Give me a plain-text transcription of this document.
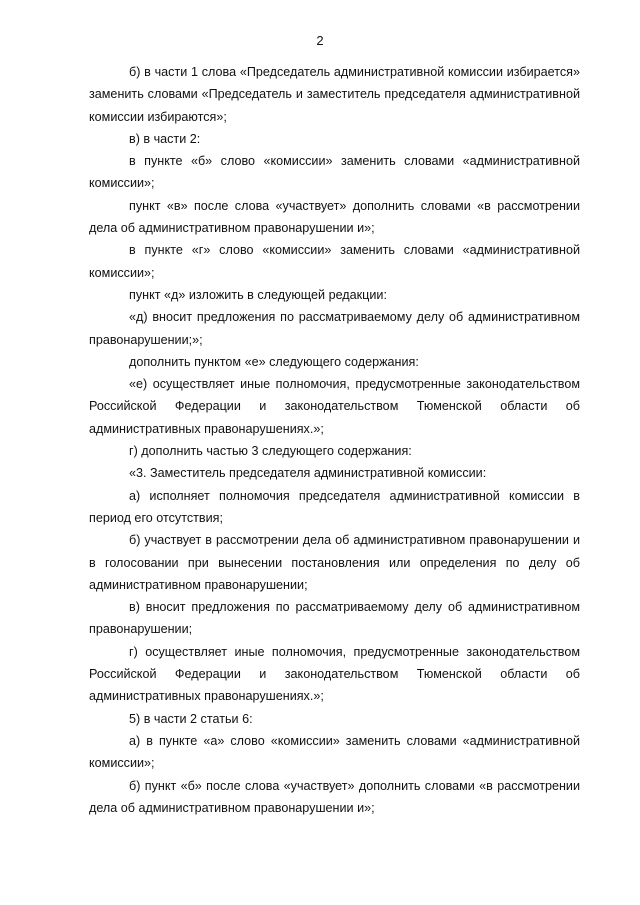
2

б) в части 1 слова «Председатель административной комиссии избирается» заменить словами «Председатель и заместитель председателя административной комиссии избираются»;

в) в части 2:

в пункте «б» слово «комиссии» заменить словами «административной комиссии»;

пункт «в» после слова «участвует» дополнить словами «в рассмотрении дела об административном правонарушении и»;

в пункте «г» слово «комиссии» заменить словами «административной комиссии»;

пункт «д» изложить в следующей редакции:

«д) вносит предложения по рассматриваемому делу об административном правонарушении;»;

дополнить пунктом «е» следующего содержания:

«е) осуществляет иные полномочия, предусмотренные законодательством Российской Федерации и законодательством Тюменской области об административных правонарушениях.»;

г) дополнить частью 3 следующего содержания:

«3. Заместитель председателя административной комиссии:

а) исполняет полномочия председателя административной комиссии в период его отсутствия;

б) участвует в рассмотрении дела об административном правонарушении и в голосовании при вынесении постановления или определения по делу об административном правонарушении;

в) вносит предложения по рассматриваемому делу об административном правонарушении;

г) осуществляет иные полномочия, предусмотренные законодательством Российской Федерации и законодательством Тюменской области об административных правонарушениях.»;

5) в части 2 статьи 6:

а) в пункте «а» слово «комиссии» заменить словами «административной комиссии»;

б) пункт «б» после слова «участвует» дополнить словами «в рассмотрении дела об административном правонарушении и»;
